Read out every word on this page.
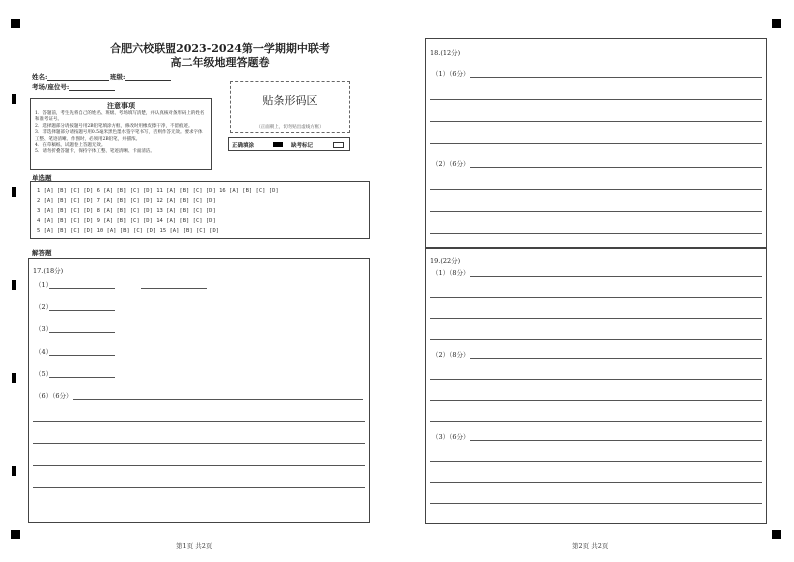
合肥六校联盟2023-2024第一学期期中联考
高二年级地理答题卷
姓名:	班级:
考场/座位号:
注意事项
1．答题前，考生先将自己的姓名、班级、考场填写清楚，并认真核对条形码上的姓名和准考证号。
2．选择题部分请按题号用2B铅笔填涂方框，修改时用橡皮擦干净，不留痕迹。
3．非选择题部分请按题号用0.5毫米黑色墨水签字笔书写，否则作答无效。要求字体工整、笔迹清晰。作图时，必须用2B铅笔，并描浓。
4．在草稿纸、试题卷上答题无效。
5．请勿折叠答题卡，保持字体工整、笔迹清晰、卡面清洁。
贴条形码区
（正面朝上，切勿贴出虚线方框）
正确填涂	缺考标记
单选题
1 [A] [B] [C] [D] 6 [A] [B] [C] [D] 11 [A] [B] [C] [D] 16 [A] [B] [C] [D]
2 [A] [B] [C] [D] 7 [A] [B] [C] [D] 12 [A] [B] [C] [D]
3 [A] [B] [C] [D] 8 [A] [B] [C] [D] 13 [A] [B] [C] [D]
4 [A] [B] [C] [D] 9 [A] [B] [C] [D] 14 [A] [B] [C] [D]
5 [A] [B] [C] [D] 10 [A] [B] [C] [D] 15 [A] [B] [C] [D]
解答题
17.(18分)
（1）
（2）
（3）
（4）
（5）
（6）（6分）
第1页 共2页
18.(12分)
（1）（6分）
（2）（6分）
19.(22分)
（1）（8分）
（2）（8分）
（3）（6分）
第2页 共2页
